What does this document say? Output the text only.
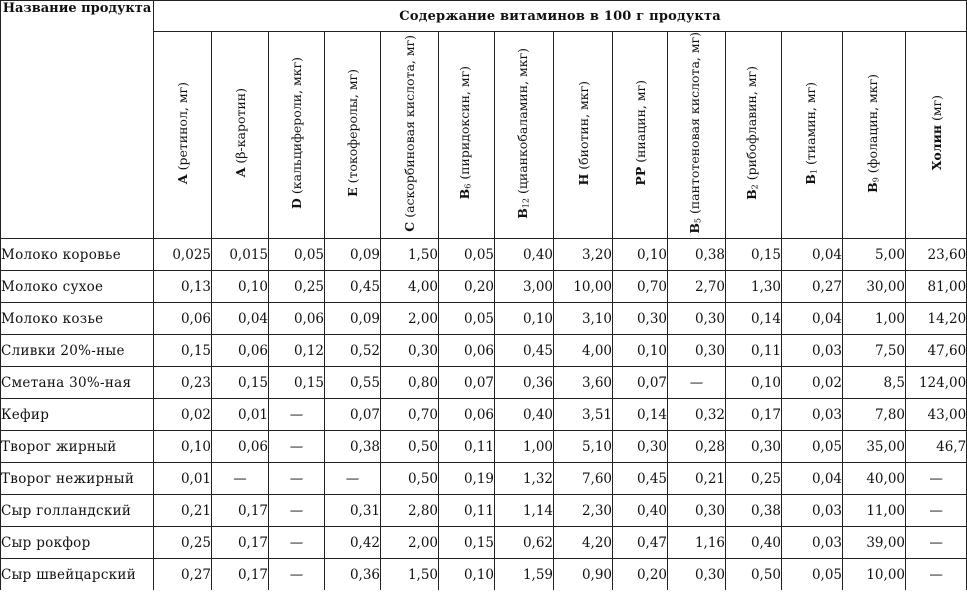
Название продукта	Содержание витаминов в 100 г продукта													
	A (ретинол, мг)	A (β-каротин)	D (кальцифероли, мкг)	E (токоферолы, мг)	C (аскорбиновая кислота, мг)	$B_6$ (пиридоксин, мг)	$B_{12}$ (цианкобаламин, мкг)	H (биотин, мкг)	PP (ниацин, мг)	$B_5$ (пантотеновая кислота, мг)	$B_2$ (рибофлавин, мг)	$B_1$ (тиамин, мг)	$B_9$ (фолацин, мкг)	Холин (мг)
Молоко коровье	0,025	0,015	0,05	0,09	1,50	0,05	0,40	3,20	0,10	0,38	0,15	0,04	5,00	23,60
Молоко сухое	0,13	0,10	0,25	0,45	4,00	0,20	3,00	10,00	0,70	2,70	1,30	0,27	30,00	81,00
Молоко козье	0,06	0,04	0,06	0,09	2,00	0,05	0,10	3,10	0,30	0,30	0,14	0,04	1,00	14,20
Сливки 20%-ные	0,15	0,06	0,12	0,52	0,30	0,06	0,45	4,00	0,10	0,30	0,11	0,03	7,50	47,60
Сметана 30%-ная	0,23	0,15	0,15	0,55	0,80	0,07	0,36	3,60	0,07	—	0,10	0,02	8,5	124,00
Кефир	0,02	0,01	—	0,07	0,70	0,06	0,40	3,51	0,14	0,32	0,17	0,03	7,80	43,00
Творог жирный	0,10	0,06	—	0,38	0,50	0,11	1,00	5,10	0,30	0,28	0,30	0,05	35,00	46,7
Творог нежирный	0,01	—	—	—	0,50	0,19	1,32	7,60	0,45	0,21	0,25	0,04	40,00	—
Сыр голландский	0,21	0,17	—	0,31	2,80	0,11	1,14	2,30	0,40	0,30	0,38	0,03	11,00	—
Сыр рокфор	0,25	0,17	—	0,42	2,00	0,15	0,62	4,20	0,47	1,16	0,40	0,03	39,00	—
Сыр швейцарский	0,27	0,17	—	0,36	1,50	0,10	1,59	0,90	0,20	0,30	0,50	0,05	10,00	—
